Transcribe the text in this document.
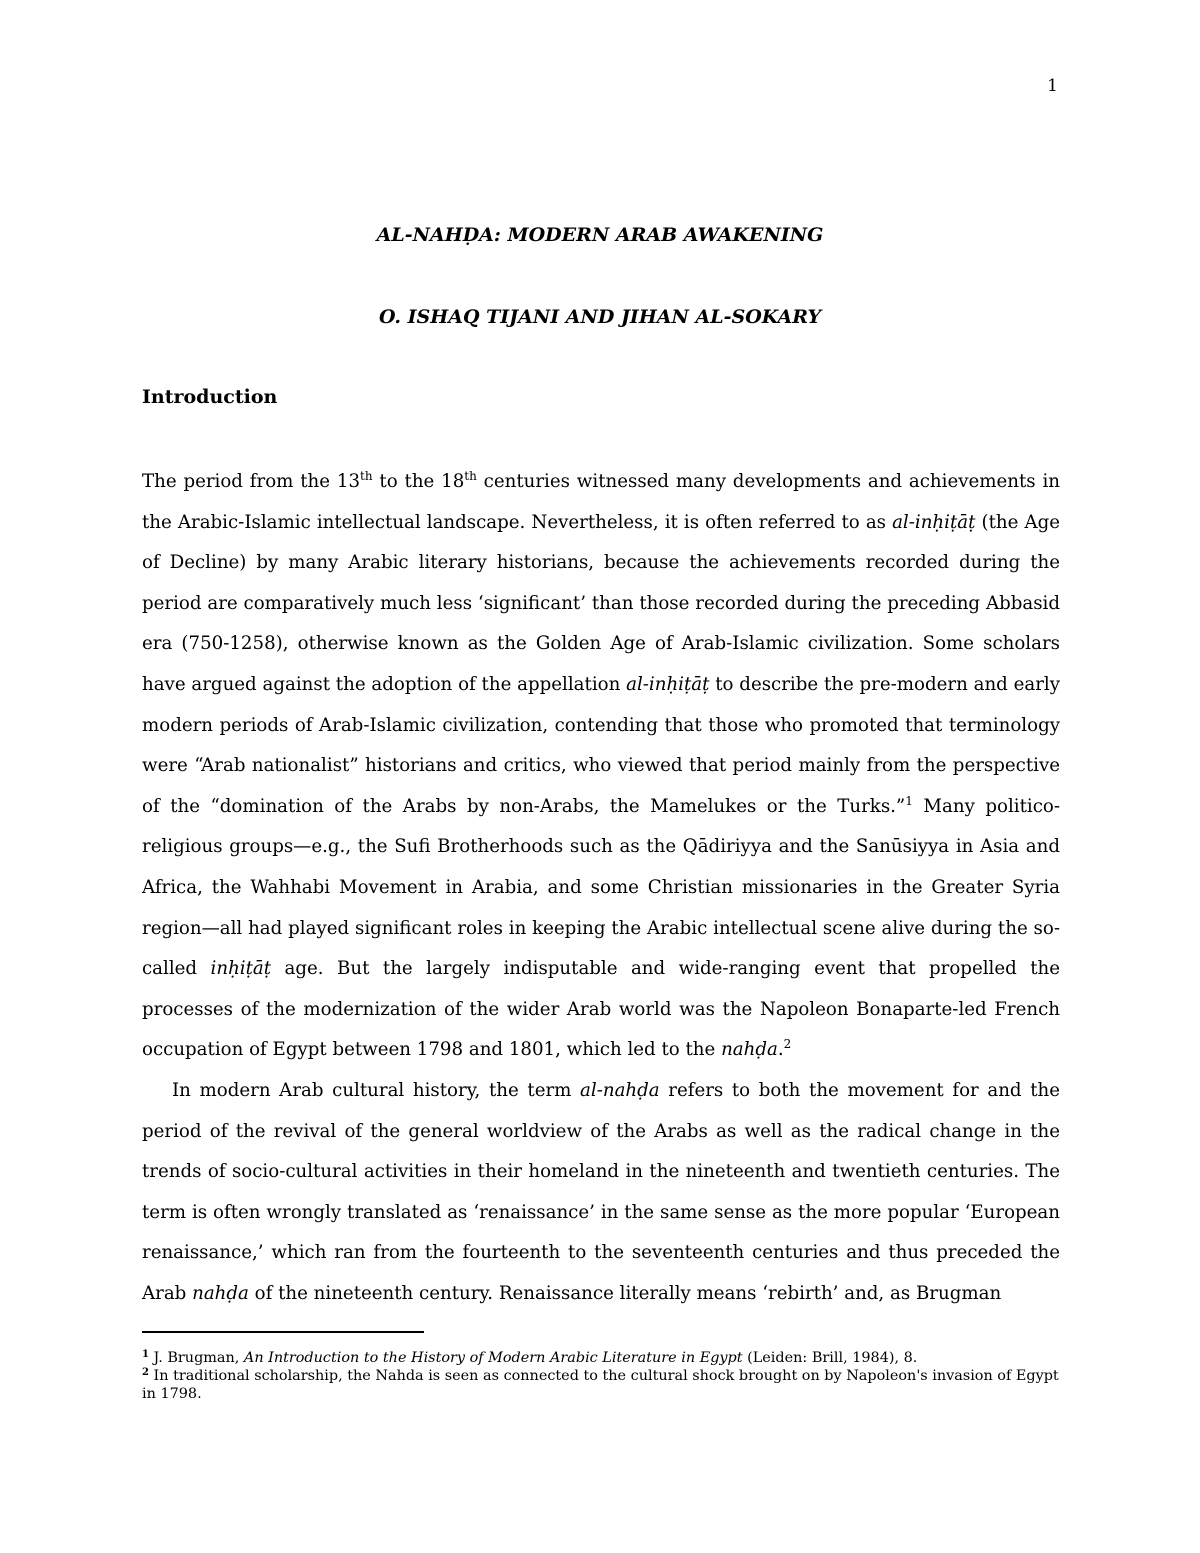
1
AL-NAHḌA: MODERN ARAB AWAKENING
O. ISHAQ TIJANI AND JIHAN AL-SOKARY
Introduction

The period from the 13th to the 18th centuries witnessed many developments and achievements in the Arabic-Islamic intellectual landscape. Nevertheless, it is often referred to as al-inḥiṭāṭ (the Age of Decline) by many Arabic literary historians, because the achievements recorded during the period are comparatively much less ‘significant’ than those recorded during the preceding Abbasid era (750-1258), otherwise known as the Golden Age of Arab-Islamic civilization. Some scholars have argued against the adoption of the appellation al-inḥiṭāṭ to describe the pre-modern and early modern periods of Arab-Islamic civilization, contending that those who promoted that terminology were “Arab nationalist” historians and critics, who viewed that period mainly from the perspective of the “domination of the Arabs by non-Arabs, the Mamelukes or the Turks.”$^1$ Many politico-religious groups—e.g., the Sufi Brotherhoods such as the Qādiriyya and the Sanūsiyya in Asia and Africa, the Wahhabi Movement in Arabia, and some Christian missionaries in the Greater Syria region—all had played significant roles in keeping the Arabic intellectual scene alive during the so-called inḥiṭāṭ age. But the largely indisputable and wide-ranging event that propelled the processes of the modernization of the wider Arab world was the Napoleon Bonaparte-led French occupation of Egypt between 1798 and 1801, which led to the nahḍa.$^2$

In modern Arab cultural history, the term al-nahḍa refers to both the movement for and the period of the revival of the general worldview of the Arabs as well as the radical change in the trends of socio-cultural activities in their homeland in the nineteenth and twentieth centuries. The term is often wrongly translated as ‘renaissance’ in the same sense as the more popular ‘European renaissance,’ which ran from the fourteenth to the seventeenth centuries and thus preceded the Arab nahḍa of the nineteenth century. Renaissance literally means ‘rebirth’ and, as Brugman

$^1$ J. Brugman, An Introduction to the History of Modern Arabic Literature in Egypt (Leiden: Brill, 1984), 8.

$^2$ In traditional scholarship, the Nahda is seen as connected to the cultural shock brought on by Napoleon's invasion of Egypt in 1798.
